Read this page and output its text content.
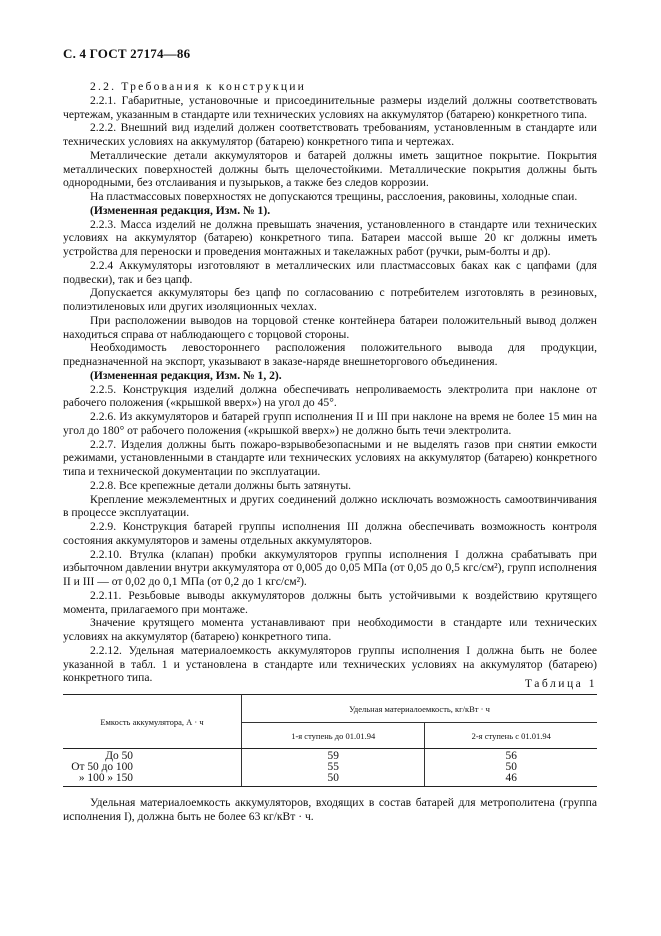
С. 4 ГОСТ 27174—86

2.2. Требования к конструкции

2.2.1. Габаритные, установочные и присоединительные размеры изделий должны соответствовать чертежам, указанным в стандарте или технических условиях на аккумулятор (батарею) конкретного типа.

2.2.2. Внешний вид изделий должен соответствовать требованиям, установленным в стандарте или технических условиях на аккумулятор (батарею) конкретного типа и чертежах.

Металлические детали аккумуляторов и батарей должны иметь защитное покрытие. Покрытия металлических поверхностей должны быть щелочестойкими. Металлические покрытия должны быть однородными, без отслаивания и пузырьков, а также без следов коррозии.

На пластмассовых поверхностях не допускаются трещины, расслоения, раковины, холодные спаи.

(Измененная редакция, Изм. № 1).

2.2.3. Масса изделий не должна превышать значения, установленного в стандарте или технических условиях на аккумулятор (батарею) конкретного типа. Батареи массой выше 20 кг должны иметь устройства для переноски и проведения монтажных и такелажных работ (ручки, рым-болты и др).

2.2.4 Аккумуляторы изготовляют в металлических или пластмассовых баках как с цапфами (для подвески), так и без цапф.

Допускается аккумуляторы без цапф по согласованию с потребителем изготовлять в резиновых, полиэтиленовых или других изоляционных чехлах.

При расположении выводов на торцовой стенке контейнера батареи положительный вывод должен находиться справа от наблюдающего с торцовой стороны.

Необходимость левостороннего расположения положительного вывода для продукции, предназначенной на экспорт, указывают в заказе-наряде внешнеторгового объединения.

(Измененная редакция, Изм. № 1, 2).

2.2.5. Конструкция изделий должна обеспечивать непроливаемость электролита при наклоне от рабочего положения («крышкой вверх») на угол до 45°.

2.2.6. Из аккумуляторов и батарей групп исполнения II и III при наклоне на время не более 15 мин на угол до 180° от рабочего положения («крышкой вверх») не должно быть течи электролита.

2.2.7. Изделия должны быть пожаро-взрывобезопасными и не выделять газов при снятии емкости режимами, установленными в стандарте или технических условиях на аккумулятор (батарею) конкретного типа и технической документации по эксплуатации.

2.2.8. Все крепежные детали должны быть затянуты.

Крепление межэлементных и других соединений должно исключать возможность самоотвинчивания в процессе эксплуатации.

2.2.9. Конструкция батарей группы исполнения III должна обеспечивать возможность контроля состояния аккумуляторов и замены отдельных аккумуляторов.

2.2.10. Втулка (клапан) пробки аккумуляторов группы исполнения I должна срабатывать при избыточном давлении внутри аккумулятора от 0,005 до 0,05 МПа (от 0,05 до 0,5 кгс/см²), групп исполнения II и III — от 0,02 до 0,1 МПа (от 0,2 до 1 кгс/см²).

2.2.11. Резьбовые выводы аккумуляторов должны быть устойчивыми к воздействию крутящего момента, прилагаемого при монтаже.

Значение крутящего момента устанавливают при необходимости в стандарте или технических условиях на аккумулятор (батарею) конкретного типа.

2.2.12. Удельная материалоемкость аккумуляторов группы исполнения I должна быть не более указанной в табл. 1 и установлена в стандарте или технических условиях на аккумулятор (батарею) конкретного типа.	Таблица 1
Емкость аккумулятора, А · ч	Удельная материалоемкость, кг/кВт · ч	
	1-я ступень до 01.01.94	2-я ступень с 01.01.94
До 50	59	56
От 50 до 100	55	50
» 100 » 150	50	46
Удельная материалоемкость аккумуляторов, входящих в состав батарей для метрополитена (группа исполнения I), должна быть не более 63 кг/кВт · ч.
